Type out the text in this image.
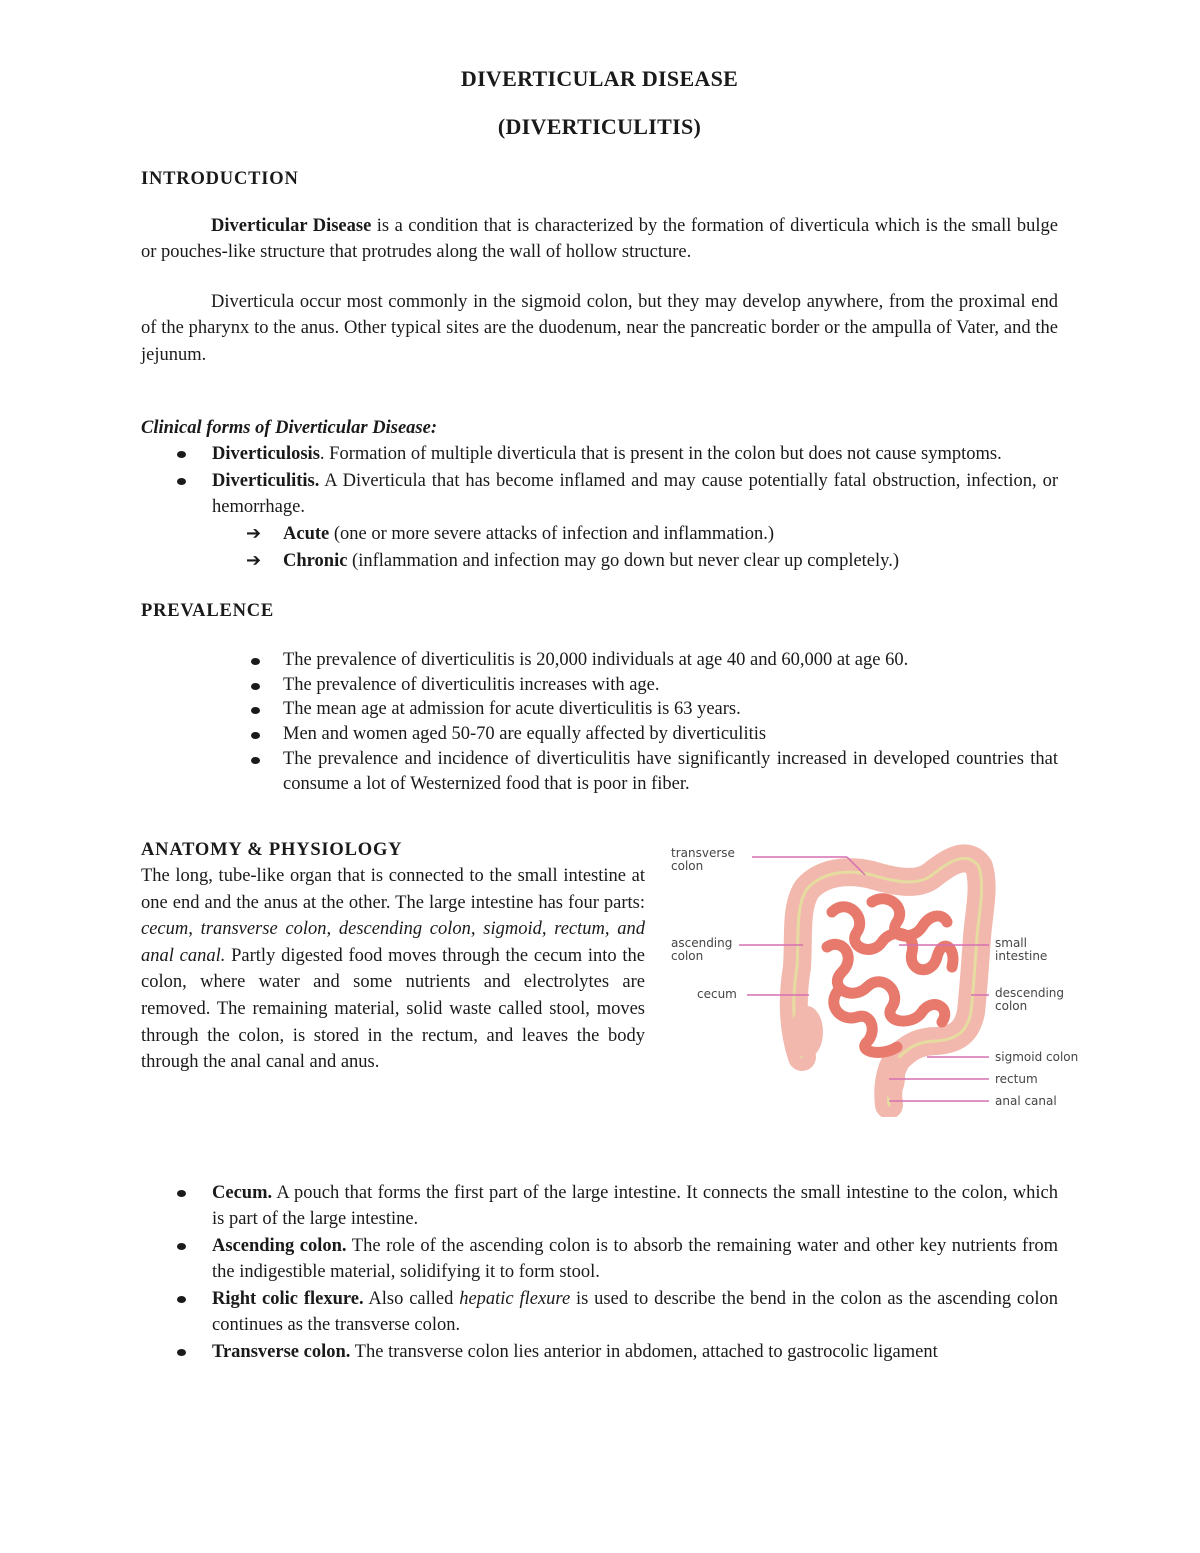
DIVERTICULAR DISEASE

(DIVERTICULITIS)

INTRODUCTION

Diverticular Disease is a condition that is characterized by the formation of diverticula which is the small bulge or pouches-like structure that protrudes along the wall of hollow structure.

Diverticula occur most commonly in the sigmoid colon, but they may develop anywhere, from the proximal end of the pharynx to the anus. Other typical sites are the duodenum, near the pancreatic border or the ampulla of Vater, and the jejunum.

Clinical forms of Diverticular Disease:

Diverticulosis. Formation of multiple diverticula that is present in the colon but does not cause symptoms.
Diverticulitis. A Diverticula that has become inflamed and may cause potentially fatal obstruction, infection, or hemorrhage.
➔ Acute (one or more severe attacks of infection and inflammation.)
➔ Chronic (inflammation and infection may go down but never clear up completely.)

PREVALENCE

The prevalence of diverticulitis is 20,000 individuals at age 40 and 60,000 at age 60.
The prevalence of diverticulitis increases with age.
The mean age at admission for acute diverticulitis is 63 years.
Men and women aged 50-70 are equally affected by diverticulitis
The prevalence and incidence of diverticulitis have significantly increased in developed countries that consume a lot of Westernized food that is poor in fiber.

ANATOMY & PHYSIOLOGY

The long, tube-like organ that is connected to the small intestine at one end and the anus at the other. The large intestine has four parts: cecum, transverse colon, descending colon, sigmoid, rectum, and anal canal. Partly digested food moves through the cecum into the colon, where water and some nutrients and electrolytes are removed. The remaining material, solid waste called stool, moves through the colon, is stored in the rectum, and leaves the body through the anal canal and anus.

transverse
colon
ascending
colon
cecum
small
intestine
descending
colon
sigmoid colon
rectum
anal canal
Cecum. A pouch that forms the first part of the large intestine. It connects the small intestine to the colon, which is part of the large intestine.
Ascending colon. The role of the ascending colon is to absorb the remaining water and other key nutrients from the indigestible material, solidifying it to form stool.
Right colic flexure. Also called hepatic flexure is used to describe the bend in the colon as the ascending colon continues as the transverse colon.
Transverse colon. The transverse colon lies anterior in abdomen, attached to gastrocolic ligament
